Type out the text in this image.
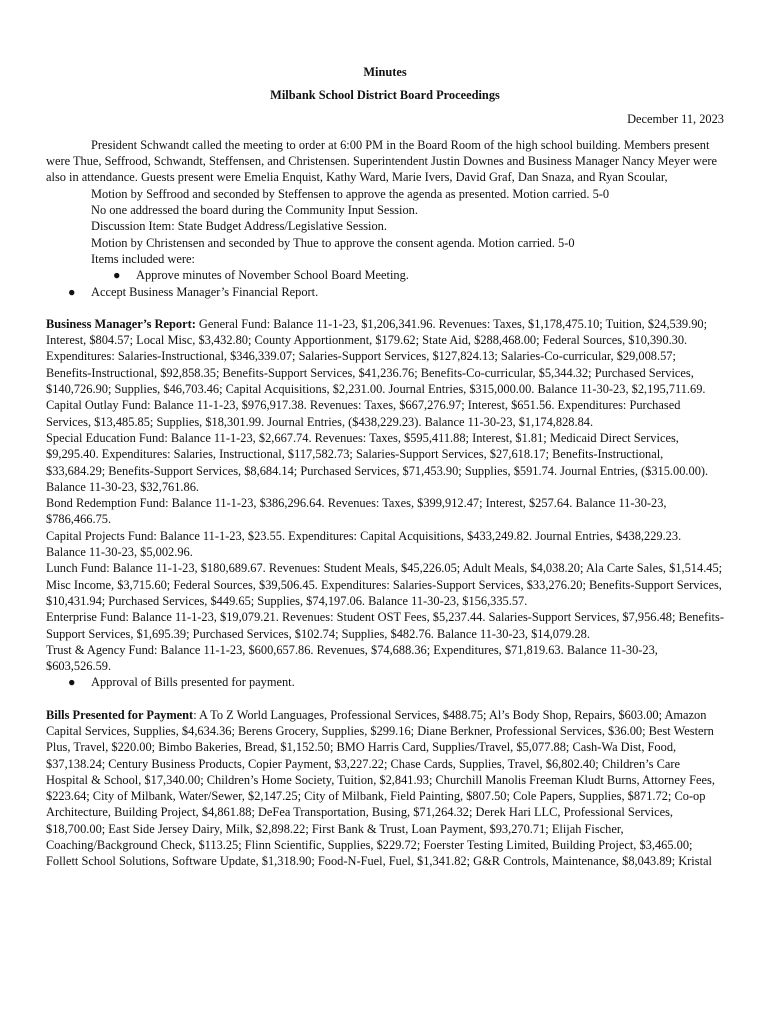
Minutes
Milbank School District Board Proceedings
December 11, 2023

President Schwandt called the meeting to order at 6:00 PM in the Board Room of the high school building. Members present were Thue, Seffrood, Schwandt, Steffensen, and Christensen. Superintendent Justin Downes and Business Manager Nancy Meyer were also in attendance. Guests present were Emelia Enquist, Kathy Ward, Marie Ivers, David Graf, Dan Snaza, and Ryan Scoular,

Motion by Seffrood and seconded by Steffensen to approve the agenda as presented. Motion carried. 5-0
No one addressed the board during the Community Input Session.
Discussion Item: State Budget Address/Legislative Session.
Motion by Christensen and seconded by Thue to approve the consent agenda. Motion carried. 5-0
Items included were:
● Approve minutes of November School Board Meeting.
● Accept Business Manager’s Financial Report.
Business Manager’s Report: General Fund: Balance 11-1-23, $1,206,341.96. Revenues: Taxes, $1,178,475.10; Tuition, $24,539.90; Interest, $804.57; Local Misc, $3,432.80; County Apportionment, $179.62; State Aid, $288,468.00; Federal Sources, $10,390.30. Expenditures: Salaries-Instructional, $346,339.07; Salaries-Support Services, $127,824.13; Salaries-Co-curricular, $29,008.57; Benefits-Instructional, $92,858.35; Benefits-Support Services, $41,236.76; Benefits-Co-curricular, $5,344.32; Purchased Services, $140,726.90; Supplies, $46,703.46; Capital Acquisitions, $2,231.00. Journal Entries, $315,000.00. Balance 11-30-23, $2,195,711.69.
Capital Outlay Fund: Balance 11-1-23, $976,917.38. Revenues: Taxes, $667,276.97; Interest, $651.56. Expenditures: Purchased Services, $13,485.85; Supplies, $18,301.99. Journal Entries, ($438,229.23). Balance 11-30-23, $1,174,828.84.
Special Education Fund: Balance 11-1-23, $2,667.74. Revenues: Taxes, $595,411.88; Interest, $1.81; Medicaid Direct Services, $9,295.40. Expenditures: Salaries, Instructional, $117,582.73; Salaries-Support Services, $27,618.17; Benefits-Instructional, $33,684.29; Benefits-Support Services, $8,684.14; Purchased Services, $71,453.90; Supplies, $591.74. Journal Entries, ($315.00.00). Balance 11-30-23, $32,761.86.
Bond Redemption Fund: Balance 11-1-23, $386,296.64. Revenues: Taxes, $399,912.47; Interest, $257.64. Balance 11-30-23, $786,466.75.
Capital Projects Fund: Balance 11-1-23, $23.55. Expenditures: Capital Acquisitions, $433,249.82. Journal Entries, $438,229.23. Balance 11-30-23, $5,002.96.
Lunch Fund: Balance 11-1-23, $180,689.67. Revenues: Student Meals, $45,226.05; Adult Meals, $4,038.20; Ala Carte Sales, $1,514.45; Misc Income, $3,715.60; Federal Sources, $39,506.45. Expenditures: Salaries-Support Services, $33,276.20; Benefits-Support Services, $10,431.94; Purchased Services, $449.65; Supplies, $74,197.06. Balance 11-30-23, $156,335.57.
Enterprise Fund: Balance 11-1-23, $19,079.21. Revenues: Student OST Fees, $5,237.44. Salaries-Support Services, $7,956.48; Benefits-Support Services, $1,695.39; Purchased Services, $102.74; Supplies, $482.76. Balance 11-30-23, $14,079.28.
Trust & Agency Fund: Balance 11-1-23, $600,657.86. Revenues, $74,688.36; Expenditures, $71,819.63. Balance 11-30-23, $603,526.59.
● Approval of Bills presented for payment.
Bills Presented for Payment: A To Z World Languages, Professional Services, $488.75; Al’s Body Shop, Repairs, $603.00; Amazon Capital Services, Supplies, $4,634.36; Berens Grocery, Supplies, $299.16; Diane Berkner, Professional Services, $36.00; Best Western Plus, Travel, $220.00; Bimbo Bakeries, Bread, $1,152.50; BMO Harris Card, Supplies/Travel, $5,077.88; Cash-Wa Dist, Food, $37,138.24; Century Business Products, Copier Payment, $3,227.22; Chase Cards, Supplies, Travel, $6,802.40; Children’s Care Hospital & School, $17,340.00; Children’s Home Society, Tuition, $2,841.93; Churchill Manolis Freeman Kludt Burns, Attorney Fees, $223.64; City of Milbank, Water/Sewer, $2,147.25; City of Milbank, Field Painting, $807.50; Cole Papers, Supplies, $871.72; Co-op Architecture, Building Project, $4,861.88; DeFea Transportation, Busing, $71,264.32; Derek Hari LLC, Professional Services, $18,700.00; East Side Jersey Dairy, Milk, $2,898.22; First Bank & Trust, Loan Payment, $93,270.71; Elijah Fischer, Coaching/Background Check, $113.25; Flinn Scientific, Supplies, $229.72; Foerster Testing Limited, Building Project, $3,465.00; Follett School Solutions, Software Update, $1,318.90; Food-N-Fuel, Fuel, $1,341.82; G&R Controls, Maintenance, $8,043.89; Kristal
